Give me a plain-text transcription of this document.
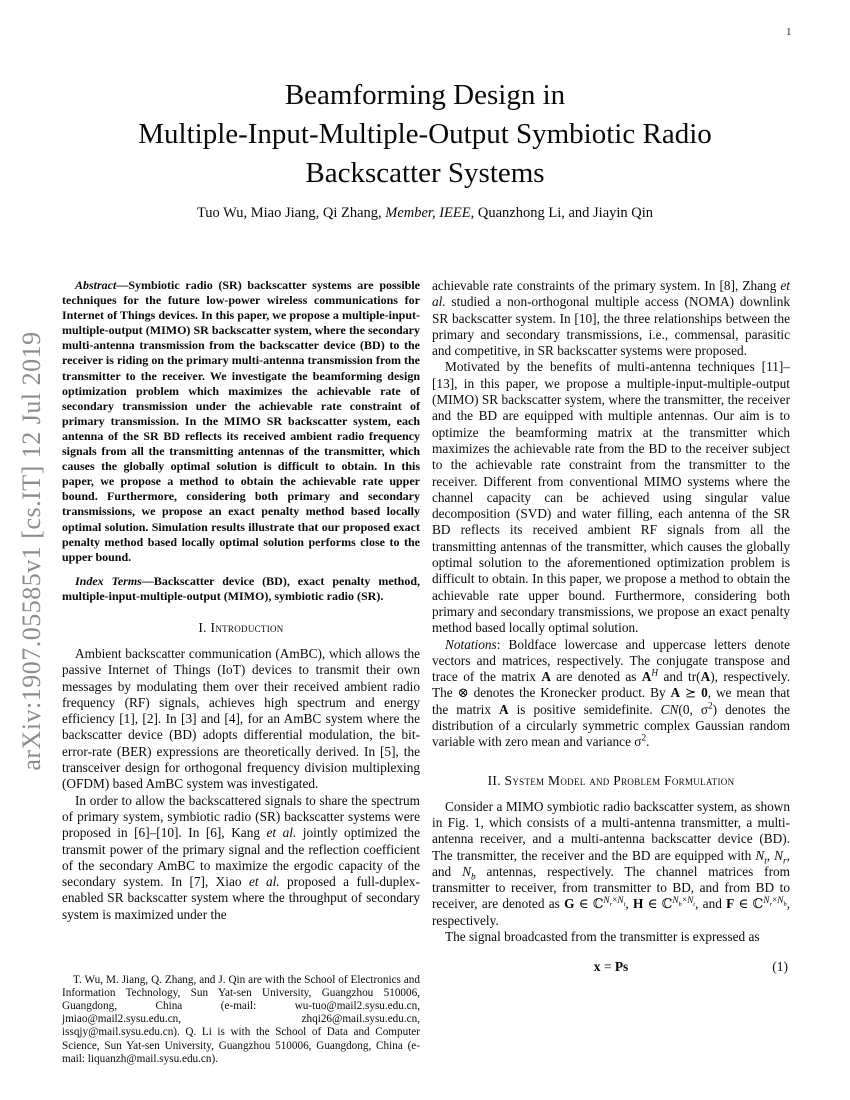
1
arXiv:1907.05585v1 [cs.IT] 12 Jul 2019
Beamforming Design in
Multiple-Input-Multiple-Output Symbiotic Radio
Backscatter Systems
Tuo Wu, Miao Jiang, Qi Zhang, Member, IEEE, Quanzhong Li, and Jiayin Qin

Abstract—Symbiotic radio (SR) backscatter systems are possible techniques for the future low-power wireless communications for Internet of Things devices. In this paper, we propose a multiple-input-multiple-output (MIMO) SR backscatter system, where the secondary multi-antenna transmission from the backscatter device (BD) to the receiver is riding on the primary multi-antenna transmission from the transmitter to the receiver. We investigate the beamforming design optimization problem which maximizes the achievable rate of secondary transmission under the achievable rate constraint of primary transmission. In the MIMO SR backscatter system, each antenna of the SR BD reflects its received ambient radio frequency signals from all the transmitting antennas of the transmitter, which causes the globally optimal solution is difficult to obtain. In this paper, we propose a method to obtain the achievable rate upper bound. Furthermore, considering both primary and secondary transmissions, we propose an exact penalty method based locally optimal solution. Simulation results illustrate that our proposed exact penalty method based locally optimal solution performs close to the upper bound.

Index Terms—Backscatter device (BD), exact penalty method, multiple-input-multiple-output (MIMO), symbiotic radio (SR).

I. Introduction

Ambient backscatter communication (AmBC), which allows the passive Internet of Things (IoT) devices to transmit their own messages by modulating them over their received ambient radio frequency (RF) signals, achieves high spectrum and energy efficiency [1], [2]. In [3] and [4], for an AmBC system where the backscatter device (BD) adopts differential modulation, the bit-error-rate (BER) expressions are theoretically derived. In [5], the transceiver design for orthogonal frequency division multiplexing (OFDM) based AmBC system was investigated.

In order to allow the backscattered signals to share the spectrum of primary system, symbiotic radio (SR) backscatter systems were proposed in [6]–[10]. In [6], Kang et al. jointly optimized the transmit power of the primary signal and the reflection coefficient of the secondary AmBC to maximize the ergodic capacity of the secondary system. In [7], Xiao et al. proposed a full-duplex-enabled SR backscatter system where the throughput of secondary system is maximized under the

T. Wu, M. Jiang, Q. Zhang, and J. Qin are with the School of Electronics and Information Technology, Sun Yat-sen University, Guangzhou 510006, Guangdong, China (e-mail: wu-tuo@mail2.sysu.edu.cn, jmiao@mail2.sysu.edu.cn, zhqi26@mail.sysu.edu.cn, issqjy@mail.sysu.edu.cn). Q. Li is with the School of Data and Computer Science, Sun Yat-sen University, Guangzhou 510006, Guangdong, China (e-mail: liquanzh@mail.sysu.edu.cn).

achievable rate constraints of the primary system. In [8], Zhang et al. studied a non-orthogonal multiple access (NOMA) downlink SR backscatter system. In [10], the three relationships between the primary and secondary transmissions, i.e., commensal, parasitic and competitive, in SR backscatter systems were proposed.

Motivated by the benefits of multi-antenna techniques [11]–[13], in this paper, we propose a multiple-input-multiple-output (MIMO) SR backscatter system, where the transmitter, the receiver and the BD are equipped with multiple antennas. Our aim is to optimize the beamforming matrix at the transmitter which maximizes the achievable rate from the BD to the receiver subject to the achievable rate constraint from the transmitter to the receiver. Different from conventional MIMO systems where the channel capacity can be achieved using singular value decomposition (SVD) and water filling, each antenna of the SR BD reflects its received ambient RF signals from all the transmitting antennas of the transmitter, which causes the globally optimal solution to the aforementioned optimization problem is difficult to obtain. In this paper, we propose a method to obtain the achievable rate upper bound. Furthermore, considering both primary and secondary transmissions, we propose an exact penalty method based locally optimal solution.

Notations: Boldface lowercase and uppercase letters denote vectors and matrices, respectively. The conjugate transpose and trace of the matrix A are denoted as $A^H$ and tr(A), respectively. The ⊗ denotes the Kronecker product. By A ⪰ 0, we mean that the matrix A is positive semidefinite. CN(0, $\sigma^2$) denotes the distribution of a circularly symmetric complex Gaussian random variable with zero mean and variance $\sigma^2$.

II. System Model and Problem Formulation

Consider a MIMO symbiotic radio backscatter system, as shown in Fig. 1, which consists of a multi-antenna transmitter, a multi-antenna receiver, and a multi-antenna backscatter device (BD). The transmitter, the receiver and the BD are equipped with $N_t$, $N_r$, and $N_b$ antennas, respectively. The channel matrices from transmitter to receiver, from transmitter to BD, and from BD to receiver, are denoted as G ∈ ℂ$^{N_r\times N_t}$, H ∈ ℂ$^{N_b\times N_t}$, and F ∈ ℂ$^{N_r\times N_b}$, respectively.

The signal broadcasted from the transmitter is expressed as

x = Ps	(1)
